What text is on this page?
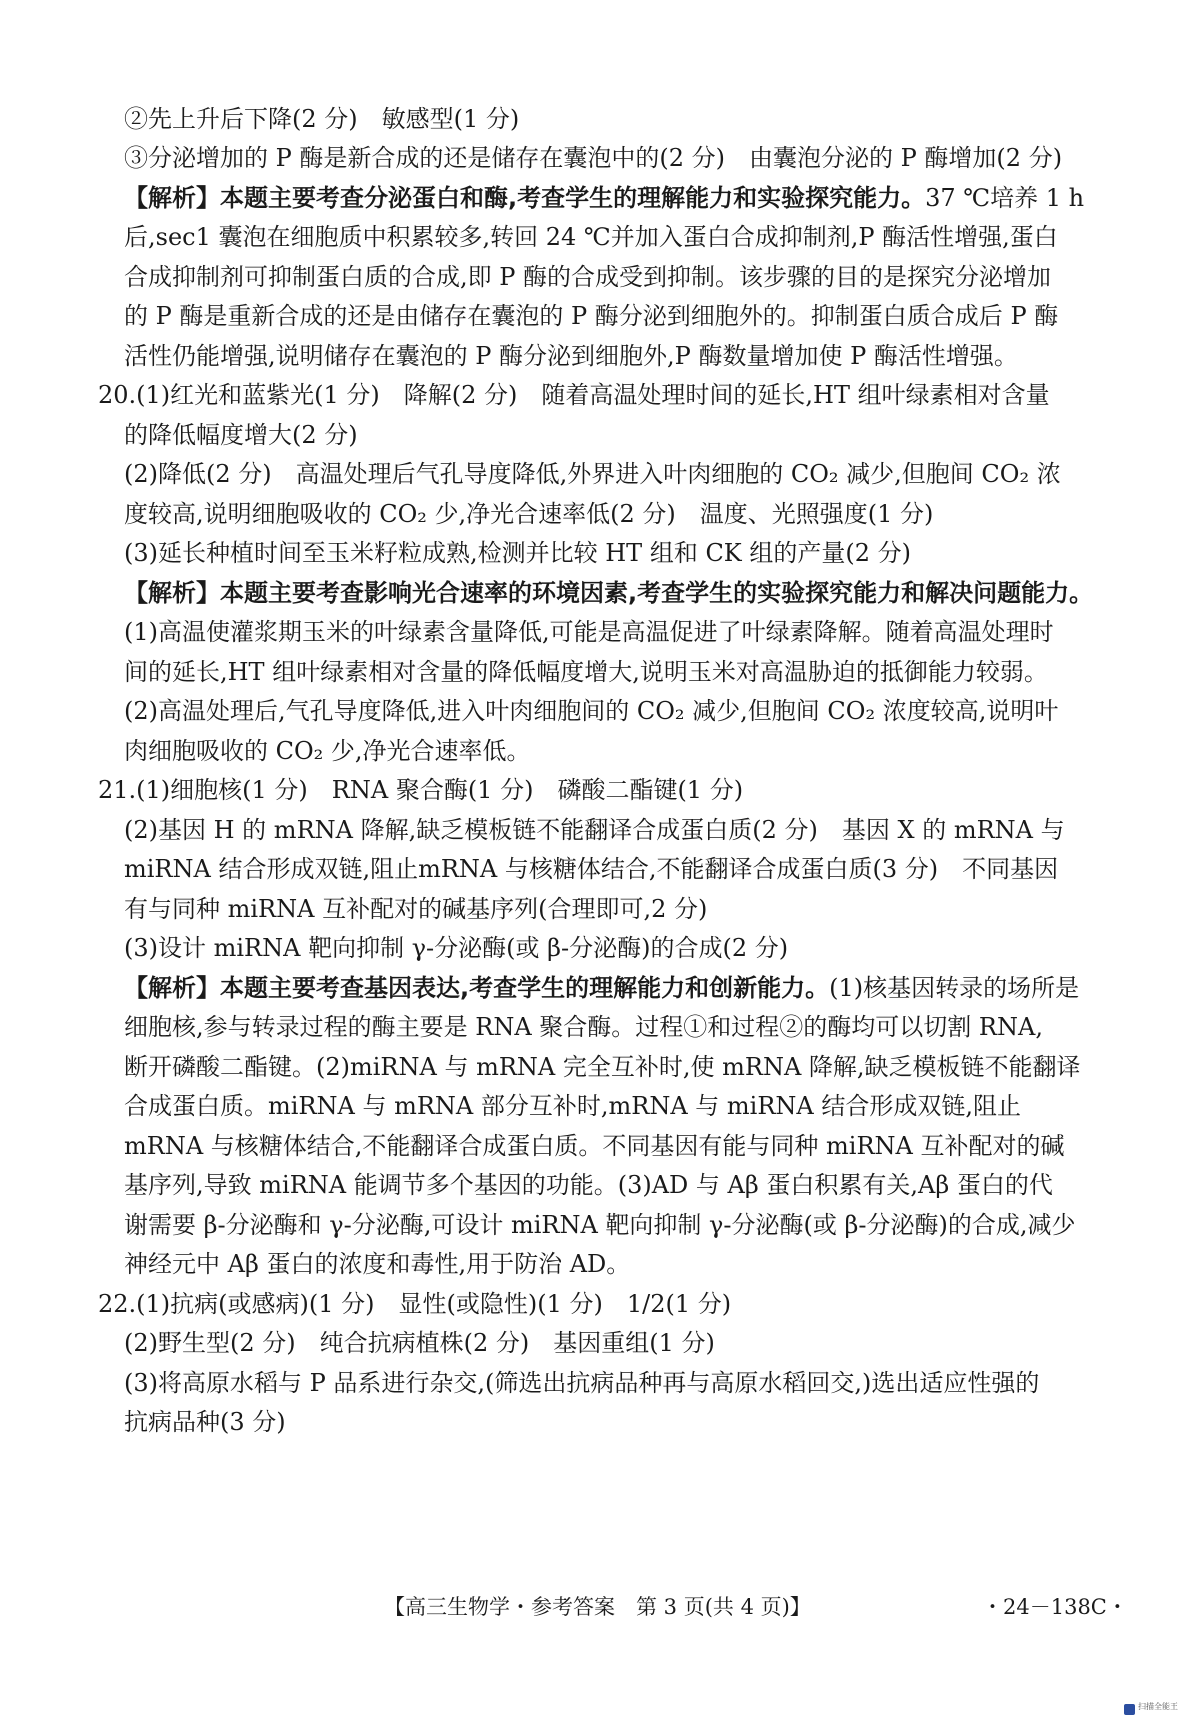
②先上升后下降(2 分)　敏感型(1 分)
③分泌增加的 P 酶是新合成的还是储存在囊泡中的(2 分)　由囊泡分泌的 P 酶增加(2 分)
【解析】本题主要考查分泌蛋白和酶,考查学生的理解能力和实验探究能力。37 ℃培养 1 h
后,sec1 囊泡在细胞质中积累较多,转回 24 ℃并加入蛋白合成抑制剂,P 酶活性增强,蛋白
合成抑制剂可抑制蛋白质的合成,即 P 酶的合成受到抑制。该步骤的目的是探究分泌增加
的 P 酶是重新合成的还是由储存在囊泡的 P 酶分泌到细胞外的。抑制蛋白质合成后 P 酶
活性仍能增强,说明储存在囊泡的 P 酶分泌到细胞外,P 酶数量增加使 P 酶活性增强。
20.(1)红光和蓝紫光(1 分)　降解(2 分)　随着高温处理时间的延长,HT 组叶绿素相对含量
的降低幅度增大(2 分)
(2)降低(2 分)　高温处理后气孔导度降低,外界进入叶肉细胞的 CO₂ 减少,但胞间 CO₂ 浓
度较高,说明细胞吸收的 CO₂ 少,净光合速率低(2 分)　温度、光照强度(1 分)
(3)延长种植时间至玉米籽粒成熟,检测并比较 HT 组和 CK 组的产量(2 分)
【解析】本题主要考查影响光合速率的环境因素,考查学生的实验探究能力和解决问题能力。
(1)高温使灌浆期玉米的叶绿素含量降低,可能是高温促进了叶绿素降解。随着高温处理时
间的延长,HT 组叶绿素相对含量的降低幅度增大,说明玉米对高温胁迫的抵御能力较弱。
(2)高温处理后,气孔导度降低,进入叶肉细胞间的 CO₂ 减少,但胞间 CO₂ 浓度较高,说明叶
肉细胞吸收的 CO₂ 少,净光合速率低。
21.(1)细胞核(1 分)　RNA 聚合酶(1 分)　磷酸二酯键(1 分)
(2)基因 H 的 mRNA 降解,缺乏模板链不能翻译合成蛋白质(2 分)　基因 X 的 mRNA 与
miRNA 结合形成双链,阻止mRNA 与核糖体结合,不能翻译合成蛋白质(3 分)　不同基因
有与同种 miRNA 互补配对的碱基序列(合理即可,2 分)
(3)设计 miRNA 靶向抑制 γ-分泌酶(或 β-分泌酶)的合成(2 分)
【解析】本题主要考查基因表达,考查学生的理解能力和创新能力。(1)核基因转录的场所是
细胞核,参与转录过程的酶主要是 RNA 聚合酶。过程①和过程②的酶均可以切割 RNA,
断开磷酸二酯键。(2)miRNA 与 mRNA 完全互补时,使 mRNA 降解,缺乏模板链不能翻译
合成蛋白质。miRNA 与 mRNA 部分互补时,mRNA 与 miRNA 结合形成双链,阻止
mRNA 与核糖体结合,不能翻译合成蛋白质。不同基因有能与同种 miRNA 互补配对的碱
基序列,导致 miRNA 能调节多个基因的功能。(3)AD 与 Aβ 蛋白积累有关,Aβ 蛋白的代
谢需要 β-分泌酶和 γ-分泌酶,可设计 miRNA 靶向抑制 γ-分泌酶(或 β-分泌酶)的合成,减少
神经元中 Aβ 蛋白的浓度和毒性,用于防治 AD。
22.(1)抗病(或感病)(1 分)　显性(或隐性)(1 分)　1/2(1 分)
(2)野生型(2 分)　纯合抗病植株(2 分)　基因重组(1 分)
(3)将高原水稻与 P 品系进行杂交,(筛选出抗病品种再与高原水稻回交,)选出适应性强的
抗病品种(3 分)
【高三生物学・参考答案　第 3 页(共 4 页)】	・24－138C・
扫描全能王
